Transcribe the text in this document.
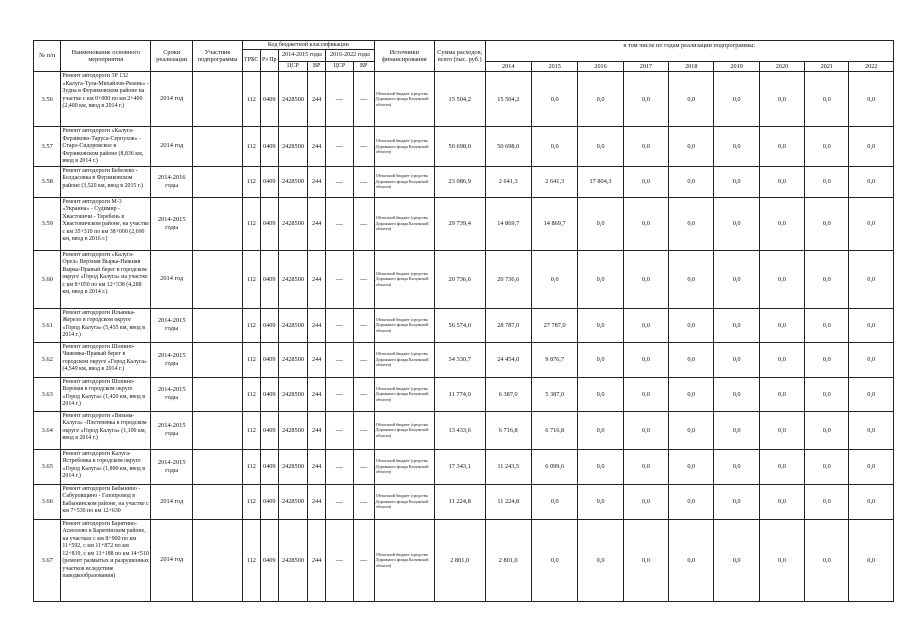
№ п/п	Наименование основного мероприятия	Сроки реализации	Участник подпрограммы	Код бюджетной классификации						Источники финансирования	Сумма расходов, всего (тыс. руб.)	в том числе по годам реализации подпрограммы:								
				ГРБС	Рз Пр	2014-2015 годы		2016-2022 годы												
						ЦСР	ВР	ЦСР	ВР			2014	2015	2016	2017	2018	2019	2020	2021	2022
3.56	Ремонт автодороги 3Р 132 «Калуга-Тула-Михайлов-Рязань» - Зудна в Ферзиковском районе на участке с км 0+000 по км 2+400 (2,400 км, ввод в 2014 г.)	2014 год		112	0409	2428500	244	—	—	Областной бюджет (средства Дорожного фонда Калужской области)	15 504,2	15 504,2	0,0	0,0	0,0	0,0	0,0	0,0	0,0	0,0
3.57	Ремонт автодороги «Калуга-Ферзиково-Таруса-Серпухов» - Старо-Сидоровское в Ферзиковском районе (8,836 км, ввод в 2014 г.)	2014 год		112	0409	2428500	244	—	—	Областной бюджет (средства Дорожного фонда Калужской области)	50 698,0	50 698,0	0,0	0,0	0,0	0,0	0,0	0,0	0,0	0,0
3.58	Ремонт автодороги Бебелево - Болдасовка в Ферзиковском районе (3,520 км, ввод в 2015 г.)	2014-2016 годы		112	0409	2428500	244	—	—	Областной бюджет (средства Дорожного фонда Калужской области)	23 086,9	2 641,3	2 641,3	17 804,3	0,0	0,0	0,0	0,0	0,0	0,0
3.59	Ремонт автодороги М-3 «Украина» - Судимир - Хвастовичи - Теребень в Хвастовичском районе, на участке с км 35+310 по км 38+000 (2,690 км, ввод в 2016 г.)	2014-2015 годы		112	0409	2428500	244	—	—	Областной бюджет (средства Дорожного фонда Калужской области)	29 739,4	14 869,7	14 869,7	0,0	0,0	0,0	0,0	0,0	0,0	0,0
3.60	Ремонт автодороги «Калуга-Орел» Верхняя Вырка-Нижняя Вырка-Правый берег в городском округе «Город Калуга» на участке с км 8+050 по км 12+338 (4,288 км, ввод в 2014 г.)	2014 год		112	0409	2428500	244	—	—	Областной бюджет (средства Дорожного фонда Калужской области)	20 736,6	20 736,6	0,0	0,0	0,0	0,0	0,0	0,0	0,0	0,0
3.61	Ремонт автодороги Ильинка-Жерело в городском округе «Город Калуга» (5,435 км, ввод в 2014 г.)	2014-2015 годы		112	0409	2428500	244	—	—	Областной бюджет (средства Дорожного фонда Калужской области)	56 574,0	28 787,0	27 787,0	0,0	0,0	0,0	0,0	0,0	0,0	0,0
3.62	Ремонт автодороги Шопино-Чижовка-Правый берег в городском округе «Город Калуга» (4,549 км, ввод в 2014 г.)	2014-2015 годы		112	0409	2428500	244	—	—	Областной бюджет (средства Дорожного фонда Калужской области)	34 330,7	24 454,0	9 876,7	0,0	0,0	0,0	0,0	0,0	0,0	0,0
3.63	Ремонт автодороги Шопино-Воровая в городском округе «Город Калуга» (1,420 км, ввод в 2014 г.)	2014-2015 годы		112	0409	2428500	244	—	—	Областной бюджет (средства Дорожного фонда Калужской области)	11 774,0	6 387,0	5 387,0	0,0	0,0	0,0	0,0	0,0	0,0	0,0
3.64	Ремонт автодороги «Вязьма-Калуга» -Плетеневка в городском округе «Город Калуга» (1,100 км, ввод в 2014 г.)	2014-2015 годы		112	0409	2428500	244	—	—	Областной бюджет (средства Дорожного фонда Калужской области)	13 433,6	6 716,8	6 716,8	0,0	0,0	0,0	0,0	0,0	0,0	0,0
3.65	Ремонт автодороги Калуга-Ястребовка в городском округе «Город Калуга» (1,890 км, ввод в 2014 г.)	2014-2015 годы		112	0409	2428500	244	—	—	Областной бюджет (средства Дорожного фонда Калужской области)	17 343,1	11 243,5	6 099,6	0,0	0,0	0,0	0,0	0,0	0,0	0,0
3.66	Ремонт автодороги Бабынино - Сабуровщино - Газопровод в Бабынинском районе, на участке с км 7+530 по км 12+630	2014 год		112	0409	2428500	244	—	—	Областной бюджет (средства Дорожного фонда Калужской области)	11 224,8	11 224,8	0,0	0,0	0,0	0,0	0,0	0,0	0,0	0,0
3.67	Ремонт автодороги Барятино-Асмолово в Барятинском районе, на участках с км 8+900 по км 11+592, с км 11+872 по км 12+819, с км 13+188 по км 14+510 (ремонт размытых и разрушенных участков вследствие паводкообразования)	2014 год		112	0409	2428500	244	—	—	Областной бюджет (средства Дорожного фонда Калужской области)	2 801,0	2 801,0	0,0	0,0	0,0	0,0	0,0	0,0	0,0	0,0
